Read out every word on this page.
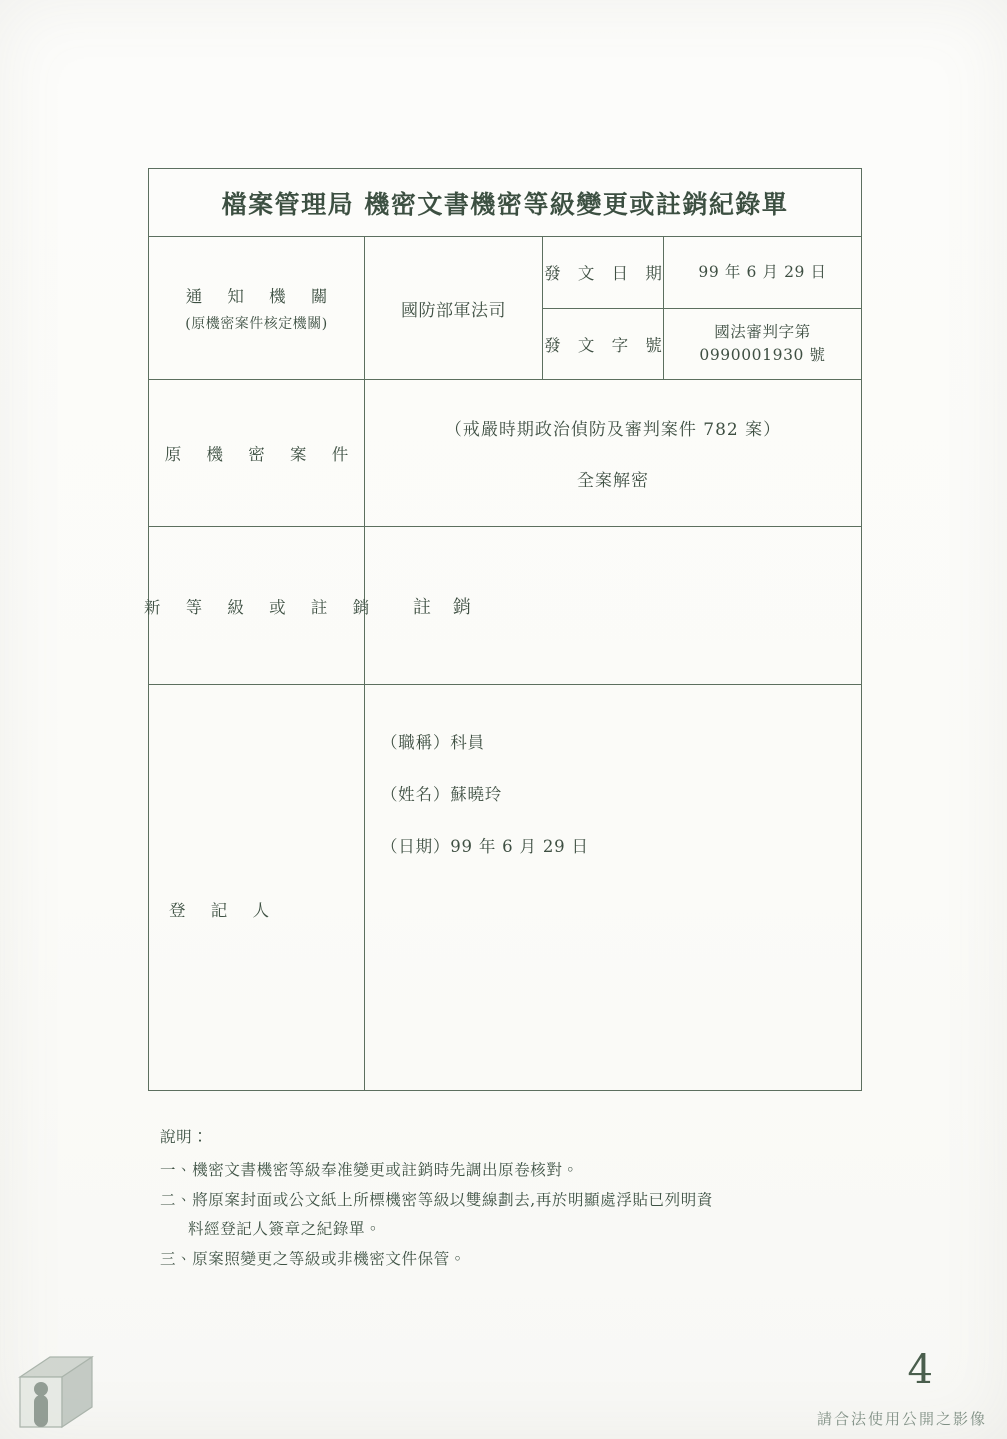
檔案管理局 機密文書機密等級變更或註銷紀錄單
通 知 機 關
(原機密案件核定機關)
國防部軍法司
發 文 日 期	99 年 6 月 29 日
發 文 字 號
國法審判字第
0990001930 號
原 機 密 案 件
（戒嚴時期政治偵防及審判案件 782 案）
全案解密
新 等 級 或 註 銷	註 銷
登 記 人
（職稱）科員
（姓名）蘇曉玲
（日期）99 年 6 月 29 日
說明：
一、機密文書機密等級奉准變更或註銷時先調出原卷核對。
二、將原案封面或公文紙上所標機密等級以雙線劃去,再於明顯處浮貼已列明資
料經登記人簽章之紀錄單。
三、原案照變更之等級或非機密文件保管。
4
請合法使用公開之影像
